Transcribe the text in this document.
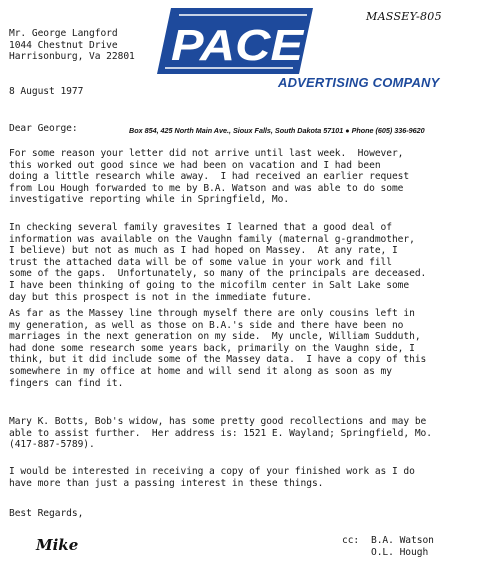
MASSEY-805
Mr. George Langford
1044 Chestnut Drive
Harrisonburg, Va 22801 PACE
ADVERTISING COMPANY
8 August 1977
Dear George:	Box 854, 425 North Main Ave., Sioux Falls, South Dakota 57101 ● Phone (605) 336-9620

For some reason your letter did not arrive until last week.  However,
this worked out good since we had been on vacation and I had been
doing a little research while away.  I had received an earlier request
from Lou Hough forwarded to me by B.A. Watson and was able to do some
investigative reporting while in Springfield, Mo.

In checking several family gravesites I learned that a good deal of
information was available on the Vaughn family (maternal g-grandmother,
I believe) but not as much as I had hoped on Massey.  At any rate, I
trust the attached data will be of some value in your work and fill
some of the gaps.  Unfortunately, so many of the principals are deceased.
I have been thinking of going to the micofilm center in Salt Lake some
day but this prospect is not in the immediate future.

As far as the Massey line through myself there are only cousins left in
my generation, as well as those on B.A.'s side and there have been no
marriages in the next generation on my side.  My uncle, William Sudduth,
had done some research some years back, primarily on the Vaughn side, I
think, but it did include some of the Massey data.  I have a copy of this
somewhere in my office at home and will send it along as soon as my
fingers can find it.

Mary K. Botts, Bob's widow, has some pretty good recollections and may be
able to assist further.  Her address is: 1521 E. Wayland; Springfield, Mo.
(417-887-5789).

I would be interested in receiving a copy of your finished work as I do
have more than just a passing interest in these things.

Best Regards,
Mike	cc: B.A. Watson
O.L. Hough
